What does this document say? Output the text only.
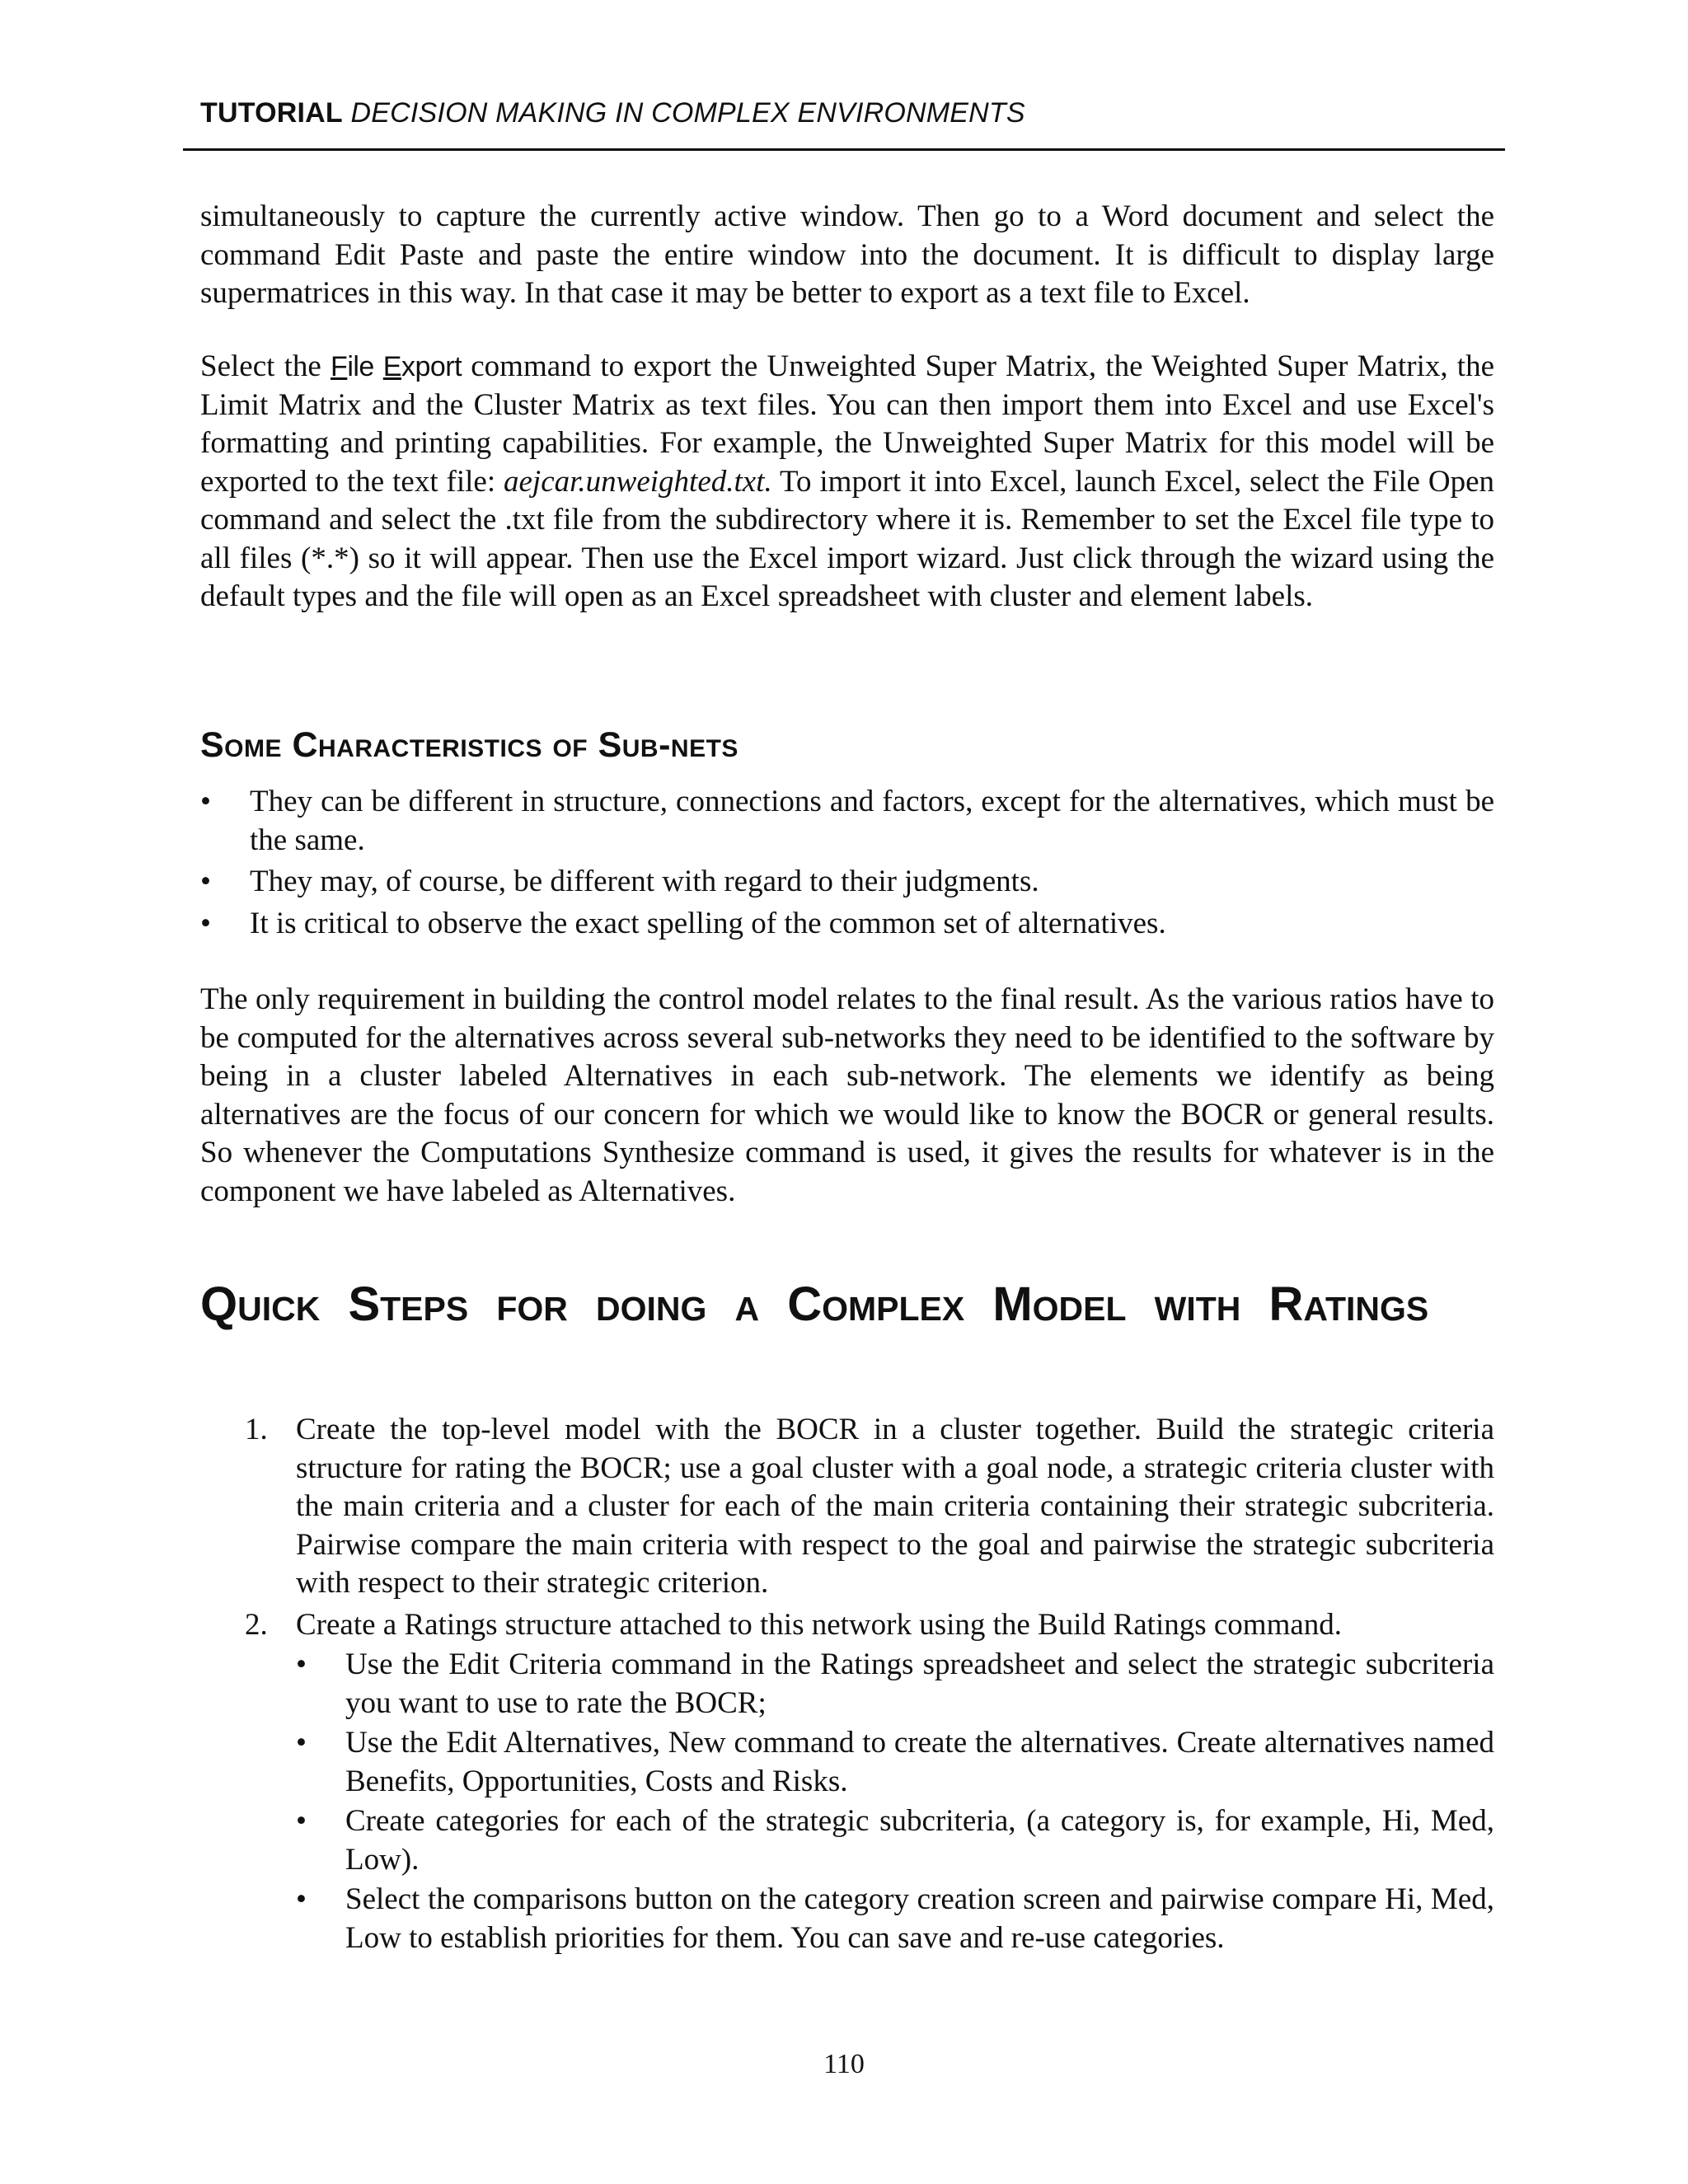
TUTORIAL DECISION MAKING IN COMPLEX ENVIRONMENTS

simultaneously to capture the currently active window. Then go to a Word document and select the command Edit Paste and paste the entire window into the document. It is difficult to display large supermatrices in this way. In that case it may be better to export as a text file to Excel.

Select the File Export command to export the Unweighted Super Matrix, the Weighted Super Matrix, the Limit Matrix and the Cluster Matrix as text files. You can then import them into Excel and use Excel's formatting and printing capabilities. For example, the Unweighted Super Matrix for this model will be exported to the text file: aejcar.unweighted.txt. To import it into Excel, launch Excel, select the File Open command and select the .txt file from the subdirectory where it is. Remember to set the Excel file type to all files (*.*) so it will appear. Then use the Excel import wizard. Just click through the wizard using the default types and the file will open as an Excel spreadsheet with cluster and element labels.

Some Characteristics of Sub-nets
• They can be different in structure, connections and factors, except for the alternatives, which must be the same.
• They may, of course, be different with regard to their judgments.
• It is critical to observe the exact spelling of the common set of alternatives.

The only requirement in building the control model relates to the final result. As the various ratios have to be computed for the alternatives across several sub-networks they need to be identified to the software by being in a cluster labeled Alternatives in each sub-network. The elements we identify as being alternatives are the focus of our concern for which we would like to know the BOCR or general results. So whenever the Computations Synthesize command is used, it gives the results for whatever is in the component we have labeled as Alternatives.

Quick Steps for doing a Complex Model with Ratings
1. Create the top-level model with the BOCR in a cluster together. Build the strategic criteria structure for rating the BOCR; use a goal cluster with a goal node, a strategic criteria cluster with the main criteria and a cluster for each of the main criteria containing their strategic subcriteria. Pairwise compare the main criteria with respect to the goal and pairwise the strategic subcriteria with respect to their strategic criterion.
2. Create a Ratings structure attached to this network using the Build Ratings command.
• Use the Edit Criteria command in the Ratings spreadsheet and select the strategic subcriteria you want to use to rate the BOCR;
• Use the Edit Alternatives, New command to create the alternatives. Create alternatives named Benefits, Opportunities, Costs and Risks.
• Create categories for each of the strategic subcriteria, (a category is, for example, Hi, Med, Low).
• Select the comparisons button on the category creation screen and pairwise compare Hi, Med, Low to establish priorities for them. You can save and re-use categories.
110
